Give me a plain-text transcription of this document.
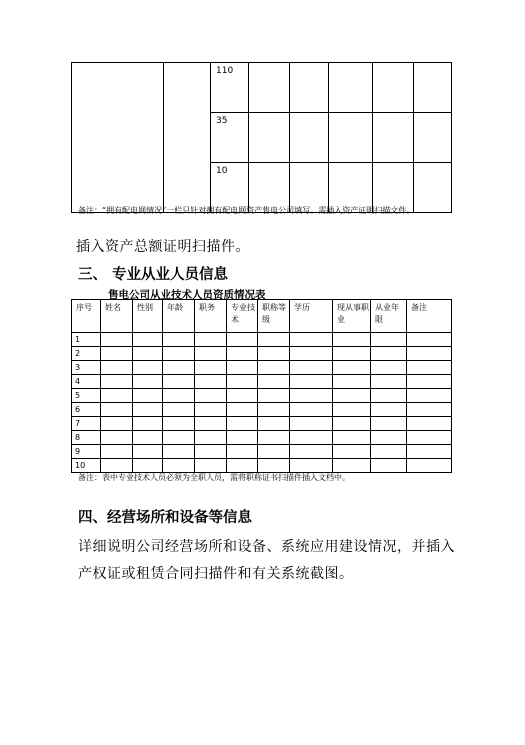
		110					
		35					
		10					
备注：“拥有配电网情况”一栏只针对拥有配电网资产售电公司填写。需插入资产证明扫描文件。
插入资产总额证明扫描件。
三、 专业从业人员信息
售电公司从业技术人员资质情况表
序号	姓名	性别	年龄	职务	专业技术	职称等级	学历	现从事职业	从业年限	备注
1										
2										
3										
4										
5										
6										
7										
8										
9										
10										
备注：表中专业技术人员必须为全职人员，需将职称证书扫描件插入文档中。
四、经营场所和设备等信息
详细说明公司经营场所和设备、系统应用建设情况，并插入产权证或租赁合同扫描件和有关系统截图。
